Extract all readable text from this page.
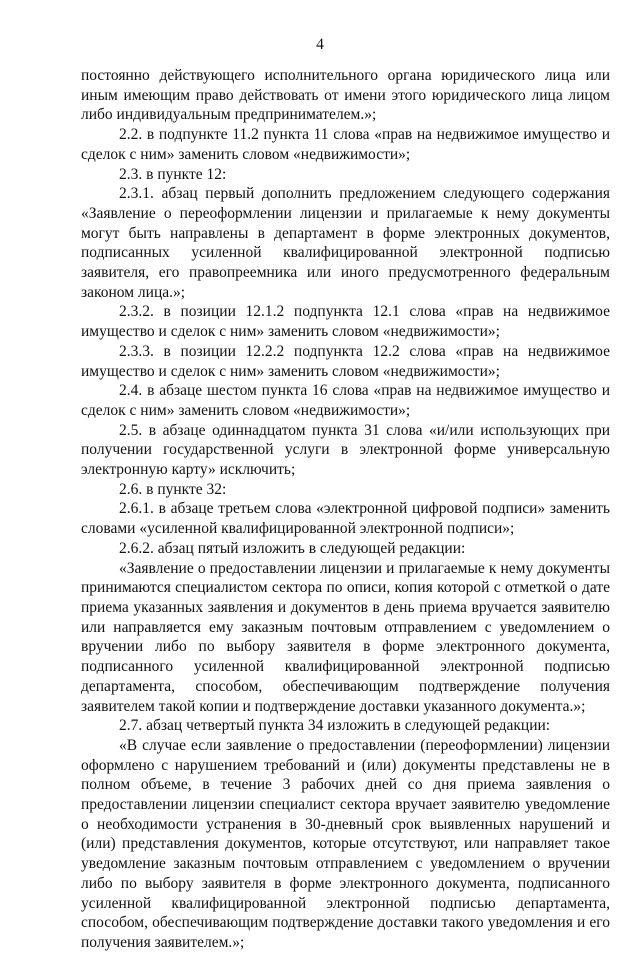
4

постоянно действующего исполнительного органа юридического лица или иным имеющим право действовать от имени этого юридического лица лицом либо индивидуальным предпринимателем.»;

2.2. в подпункте 11.2 пункта 11 слова «прав на недвижимое имущество и сделок с ним» заменить словом «недвижимости»;

2.3. в пункте 12:

2.3.1. абзац первый дополнить предложением следующего содержания «Заявление о переоформлении лицензии и прилагаемые к нему документы могут быть направлены в департамент в форме электронных документов, подписанных усиленной квалифицированной электронной подписью заявителя, его правопреемника или иного предусмотренного федеральным законом лица.»;

2.3.2. в позиции 12.1.2 подпункта 12.1 слова «прав на недвижимое имущество и сделок с ним» заменить словом «недвижимости»;

2.3.3. в позиции 12.2.2 подпункта 12.2 слова «прав на недвижимое имущество и сделок с ним» заменить словом «недвижимости»;

2.4. в абзаце шестом пункта 16 слова «прав на недвижимое имущество и сделок с ним» заменить словом «недвижимости»;

2.5. в абзаце одиннадцатом пункта 31 слова «и/или использующих при получении государственной услуги в электронной форме универсальную электронную карту» исключить;

2.6. в пункте 32:

2.6.1. в абзаце третьем слова «электронной цифровой подписи» заменить словами «усиленной квалифицированной электронной подписи»;

2.6.2. абзац пятый изложить в следующей редакции:

«Заявление о предоставлении лицензии и прилагаемые к нему документы принимаются специалистом сектора по описи, копия которой с отметкой о дате приема указанных заявления и документов в день приема вручается заявителю или направляется ему заказным почтовым отправлением с уведомлением о вручении либо по выбору заявителя в форме электронного документа, подписанного усиленной квалифицированной электронной подписью департамента, способом, обеспечивающим подтверждение получения заявителем такой копии и подтверждение доставки указанного документа.»;

2.7. абзац четвертый пункта 34 изложить в следующей редакции:

«В случае если заявление о предоставлении (переоформлении) лицензии оформлено с нарушением требований и (или) документы представлены не в полном объеме, в течение 3 рабочих дней со дня приема заявления о предоставлении лицензии специалист сектора вручает заявителю уведомление о необходимости устранения в 30-дневный срок выявленных нарушений и (или) представления документов, которые отсутствуют, или направляет такое уведомление заказным почтовым отправлением с уведомлением о вручении либо по выбору заявителя в форме электронного документа, подписанного усиленной квалифицированной электронной подписью департамента, способом, обеспечивающим подтверждение доставки такого уведомления и его получения заявителем.»;
